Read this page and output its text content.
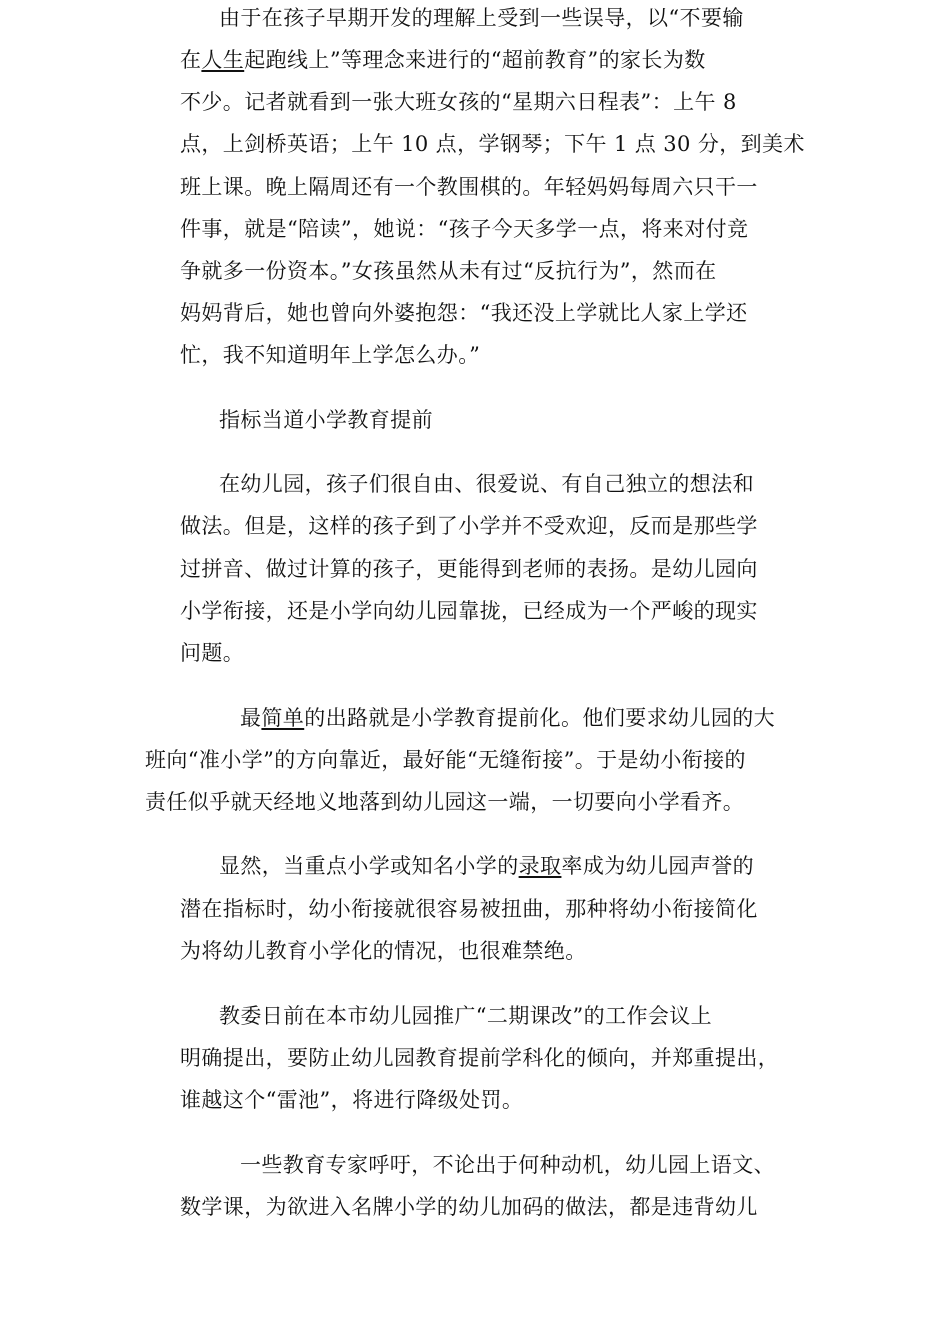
由于在孩子早期开发的理解上受到一些误导，以“不要输
在人生起跑线上”等理念来进行的“超前教育”的家长为数
不少。记者就看到一张大班女孩的“星期六日程表”：上午 8
点，上剑桥英语；上午 10 点，学钢琴；下午 1 点 30 分，到美术
班上课。晚上隔周还有一个教围棋的。年轻妈妈每周六只干一
件事，就是“陪读”，她说：“孩子今天多学一点，将来对付竞
争就多一份资本。”女孩虽然从未有过“反抗行为”，然而在
妈妈背后，她也曾向外婆抱怨：“我还没上学就比人家上学还
忙，我不知道明年上学怎么办。”
指标当道小学教育提前
在幼儿园，孩子们很自由、很爱说、有自己独立的想法和
做法。但是，这样的孩子到了小学并不受欢迎，反而是那些学
过拼音、做过计算的孩子，更能得到老师的表扬。是幼儿园向
小学衔接，还是小学向幼儿园靠拢，已经成为一个严峻的现实
问题。
最简单的出路就是小学教育提前化。他们要求幼儿园的大
班向“准小学”的方向靠近，最好能“无缝衔接”。于是幼小衔接的
责任似乎就天经地义地落到幼儿园这一端，一切要向小学看齐。
显然，当重点小学或知名小学的录取率成为幼儿园声誉的
潜在指标时，幼小衔接就很容易被扭曲，那种将幼小衔接简化
为将幼儿教育小学化的情况，也很难禁绝。
教委日前在本市幼儿园推广“二期课改”的工作会议上
明确提出，要防止幼儿园教育提前学科化的倾向，并郑重提出，
谁越这个“雷池”，将进行降级处罚。
一些教育专家呼吁，不论出于何种动机，幼儿园上语文、
数学课，为欲进入名牌小学的幼儿加码的做法，都是违背幼儿
